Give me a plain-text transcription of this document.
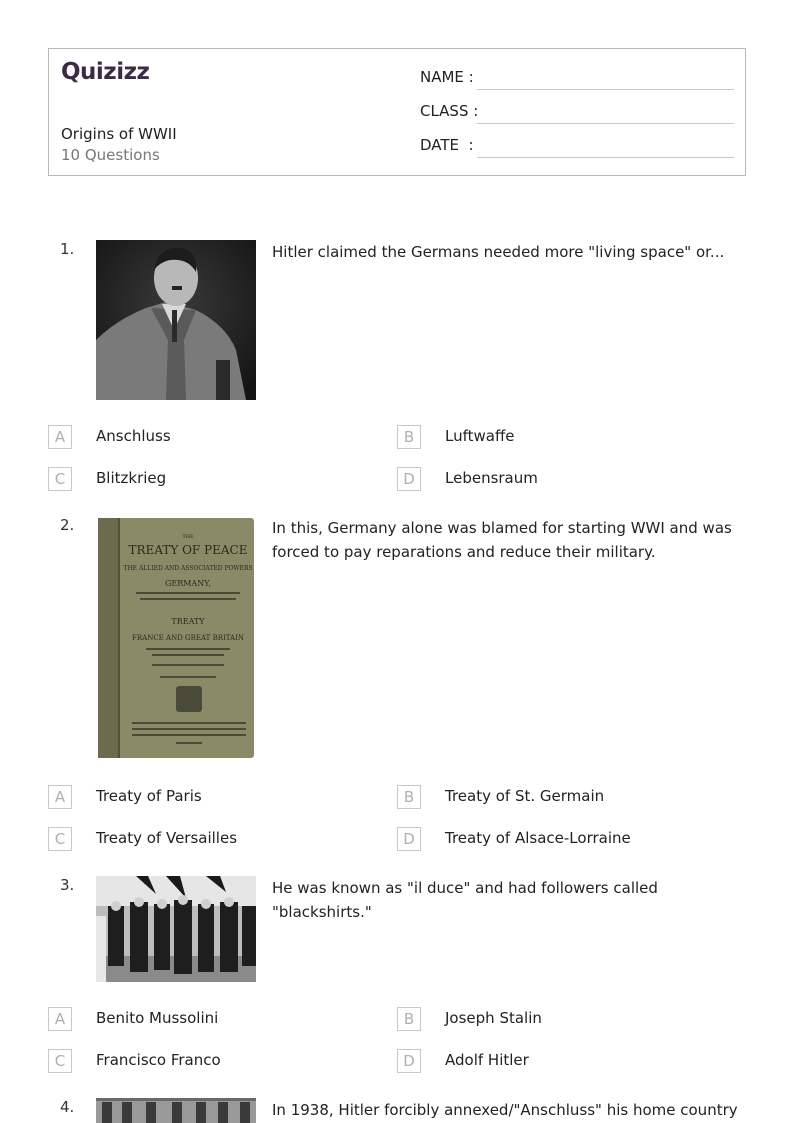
Quizizz
Origins of WWII
10 Questions
NAME :
CLASS :
DATE  :
1.	Hitler claimed the Germans needed more "living space" or...
A	Anschluss	B	Luftwaffe
C	Blitzkrieg	D	Lebensraum
2.
THE
TREATY OF PEACE
THE ALLIED AND ASSOCIATED POWERS
GERMANY,
TREATY
FRANCE AND GREAT BRITAIN
In this, Germany alone was blamed for starting WWI and was forced to pay reparations and reduce their military.
A	Treaty of Paris	B	Treaty of St. Germain
C	Treaty of Versailles	D	Treaty of Alsace-Lorraine
3.	He was known as "il duce" and had followers called "blackshirts."
A	Benito Mussolini	B	Joseph Stalin
C	Francisco Franco	D	Adolf Hitler
4.	In 1938, Hitler forcibly annexed/"Anschluss" his home country
